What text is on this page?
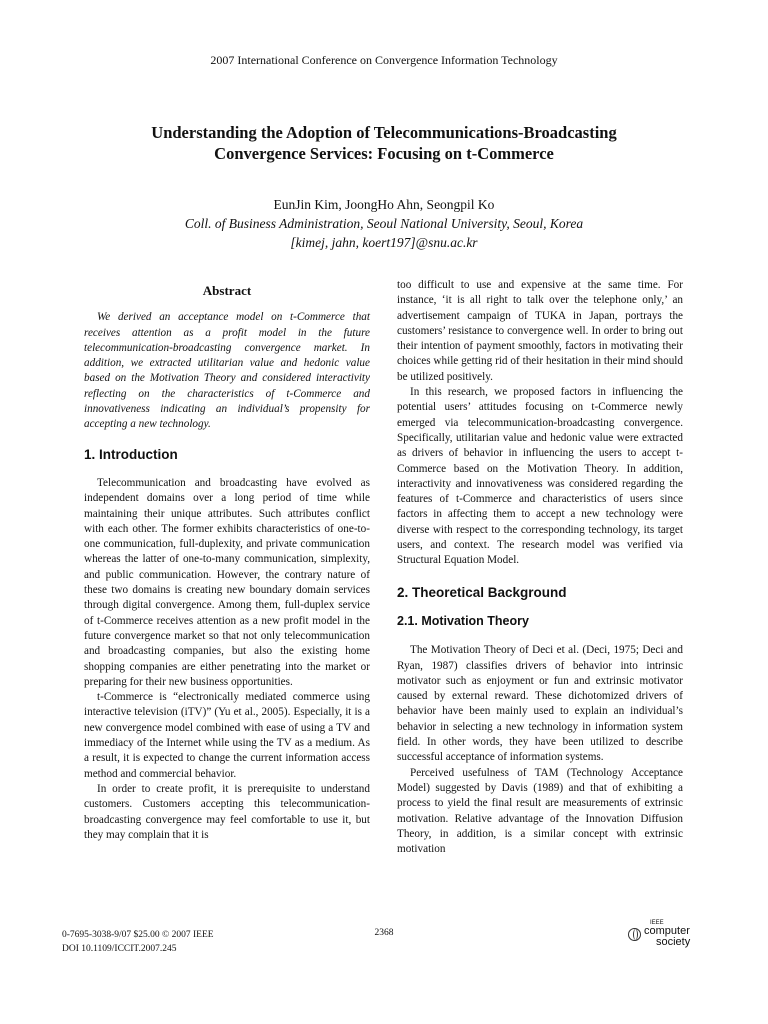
2007 International Conference on Convergence Information Technology
Understanding the Adoption of Telecommunications-Broadcasting
Convergence Services: Focusing on t-Commerce
EunJin Kim, JoongHo Ahn, Seongpil Ko
Coll. of Business Administration, Seoul National University, Seoul, Korea
[kimej, jahn, koert197]@snu.ac.kr
Abstract

We derived an acceptance model on t-Commerce that receives attention as a profit model in the future telecommunication-broadcasting convergence market. In addition, we extracted utilitarian value and hedonic value based on the Motivation Theory and considered interactivity reflecting on the characteristics of t-Commerce and innovativeness indicating an individual’s propensity for accepting a new technology.

1. Introduction

Telecommunication and broadcasting have evolved as independent domains over a long period of time while maintaining their unique attributes. Such attributes conflict with each other. The former exhibits characteristics of one-to-one communication, full-duplexity, and private communication whereas the latter of one-to-many communication, simplexity, and public communication. However, the contrary nature of these two domains is creating new boundary domain services through digital convergence. Among them, full-duplex service of t-Commerce receives attention as a new profit model in the future convergence market so that not only telecommunication and broadcasting companies, but also the existing home shopping companies are either penetrating into the market or preparing for their new business opportunities.

t-Commerce is “electronically mediated commerce using interactive television (iTV)” (Yu et al., 2005). Especially, it is a new convergence model combined with ease of using a TV and immediacy of the Internet while using the TV as a medium. As a result, it is expected to change the current information access method and commercial behavior.

In order to create profit, it is prerequisite to understand customers. Customers accepting this telecommunication-broadcasting convergence may feel comfortable to use it, but they may complain that it is

too difficult to use and expensive at the same time. For instance, ‘it is all right to talk over the telephone only,’ an advertisement campaign of TUKA in Japan, portrays the customers’ resistance to convergence well. In order to bring out their intention of payment smoothly, factors in motivating their choices while getting rid of their hesitation in their mind should be utilized positively.

In this research, we proposed factors in influencing the potential users’ attitudes focusing on t-Commerce newly emerged via telecommunication-broadcasting convergence. Specifically, utilitarian value and hedonic value were extracted as drivers of behavior in influencing the users to accept t-Commerce based on the Motivation Theory. In addition, interactivity and innovativeness was considered regarding the features of t-Commerce and characteristics of users since factors in affecting them to accept a new technology were diverse with respect to the corresponding technology, its target users, and context. The research model was verified via Structural Equation Model.

2. Theoretical Background
2.1. Motivation Theory

The Motivation Theory of Deci et al. (Deci, 1975; Deci and Ryan, 1987) classifies drivers of behavior into intrinsic motivator such as enjoyment or fun and extrinsic motivator caused by external reward. These dichotomized drivers of behavior have been mainly used to explain an individual’s behavior in selecting a new technology in information system field. In other words, they have been utilized to describe successful acceptance of information systems.

Perceived usefulness of TAM (Technology Acceptance Model) suggested by Davis (1989) and that of exhibiting a process to yield the final result are measurements of extrinsic motivation. Relative advantage of the Innovation Diffusion Theory, in addition, is a similar concept with extrinsic motivation

0-7695-3038-9/07 $25.00 © 2007 IEEE
DOI 10.1109/ICCIT.2007.245
2368
IEEE
computer
society
